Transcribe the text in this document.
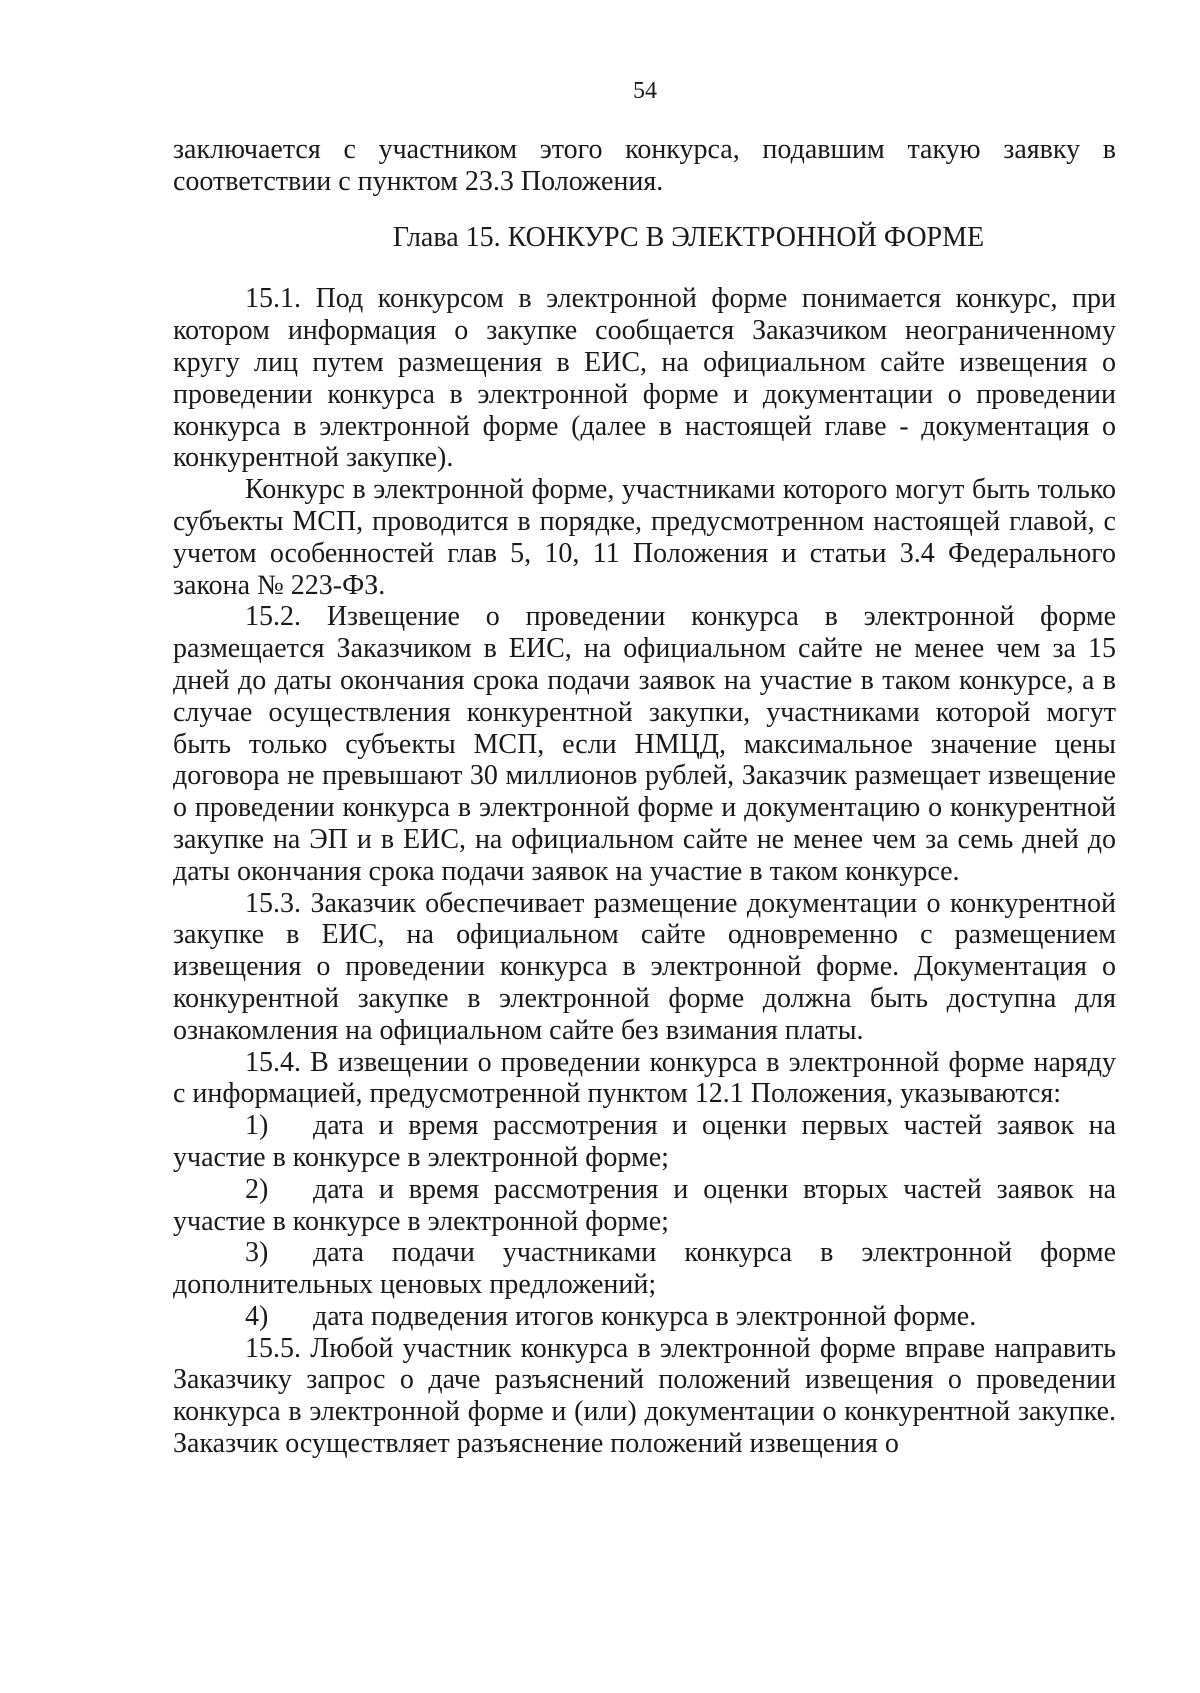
54

заключается с участником этого конкурса, подавшим такую заявку в соответствии с пунктом 23.3 Положения.

Глава 15. КОНКУРС В ЭЛЕКТРОННОЙ ФОРМЕ

15.1. Под конкурсом в электронной форме понимается конкурс, при котором информация о закупке сообщается Заказчиком неограниченному кругу лиц путем размещения в ЕИС, на официальном сайте извещения о проведении конкурса в электронной форме и документации о проведении конкурса в электронной форме (далее в настоящей главе - документация о конкурентной закупке).

Конкурс в электронной форме, участниками которого могут быть только субъекты МСП, проводится в порядке, предусмотренном настоящей главой, с учетом особенностей глав 5, 10, 11 Положения и статьи 3.4 Федерального закона № 223-ФЗ.

15.2. Извещение о проведении конкурса в электронной форме размещается Заказчиком в ЕИС, на официальном сайте не менее чем за 15 дней до даты окончания срока подачи заявок на участие в таком конкурсе, а в случае осуществления конкурентной закупки, участниками которой могут быть только субъекты МСП, если НМЦД, максимальное значение цены договора не превышают 30 миллионов рублей, Заказчик размещает извещение о проведении конкурса в электронной форме и документацию о конкурентной закупке на ЭП и в ЕИС, на официальном сайте не менее чем за семь дней до даты окончания срока подачи заявок на участие в таком конкурсе.

15.3. Заказчик обеспечивает размещение документации о конкурентной закупке в ЕИС, на официальном сайте одновременно с размещением извещения о проведении конкурса в электронной форме. Документация о конкурентной закупке в электронной форме должна быть доступна для ознакомления на официальном сайте без взимания платы.

15.4. В извещении о проведении конкурса в электронной форме наряду с информацией, предусмотренной пунктом 12.1 Положения, указываются:

1) дата и время рассмотрения и оценки первых частей заявок на участие в конкурсе в электронной форме;

2) дата и время рассмотрения и оценки вторых частей заявок на участие в конкурсе в электронной форме;

3) дата подачи участниками конкурса в электронной форме дополнительных ценовых предложений;

4) дата подведения итогов конкурса в электронной форме.

15.5. Любой участник конкурса в электронной форме вправе направить Заказчику запрос о даче разъяснений положений извещения о проведении конкурса в электронной форме и (или) документации о конкурентной закупке. Заказчик осуществляет разъяснение положений извещения о
